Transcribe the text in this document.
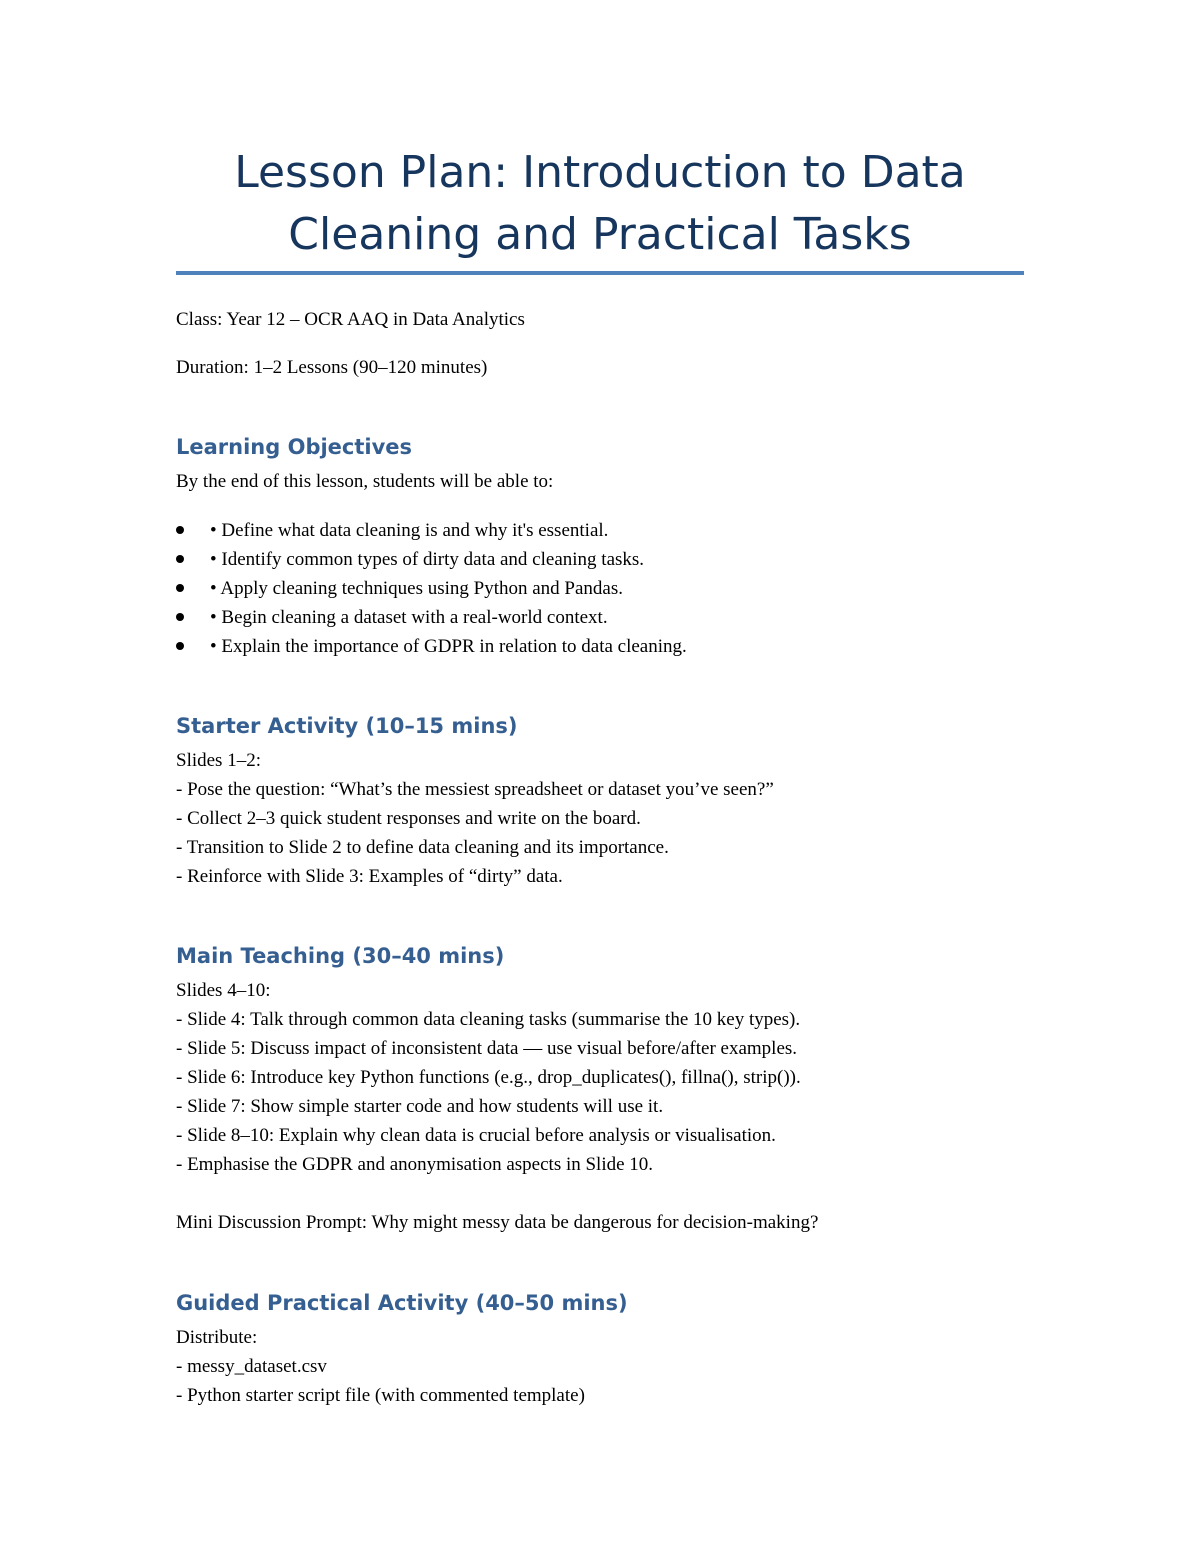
Lesson Plan: Introduction to Data
Cleaning and Practical Tasks
Class: Year 12 – OCR AAQ in Data Analytics
Duration: 1–2 Lessons (90–120 minutes)
Learning Objectives
By the end of this lesson, students will be able to:
• Define what data cleaning is and why it's essential.
• Identify common types of dirty data and cleaning tasks.
• Apply cleaning techniques using Python and Pandas.
• Begin cleaning a dataset with a real-world context.
• Explain the importance of GDPR in relation to data cleaning.
Starter Activity (10–15 mins)
Slides 1–2:
- Pose the question: “What’s the messiest spreadsheet or dataset you’ve seen?”
- Collect 2–3 quick student responses and write on the board.
- Transition to Slide 2 to define data cleaning and its importance.
- Reinforce with Slide 3: Examples of “dirty” data.
Main Teaching (30–40 mins)
Slides 4–10:
- Slide 4: Talk through common data cleaning tasks (summarise the 10 key types).
- Slide 5: Discuss impact of inconsistent data — use visual before/after examples.
- Slide 6: Introduce key Python functions (e.g., drop_duplicates(), fillna(), strip()).
- Slide 7: Show simple starter code and how students will use it.
- Slide 8–10: Explain why clean data is crucial before analysis or visualisation.
- Emphasise the GDPR and anonymisation aspects in Slide 10.
Mini Discussion Prompt: Why might messy data be dangerous for decision-making?
Guided Practical Activity (40–50 mins)
Distribute:
- messy_dataset.csv
- Python starter script file (with commented template)
